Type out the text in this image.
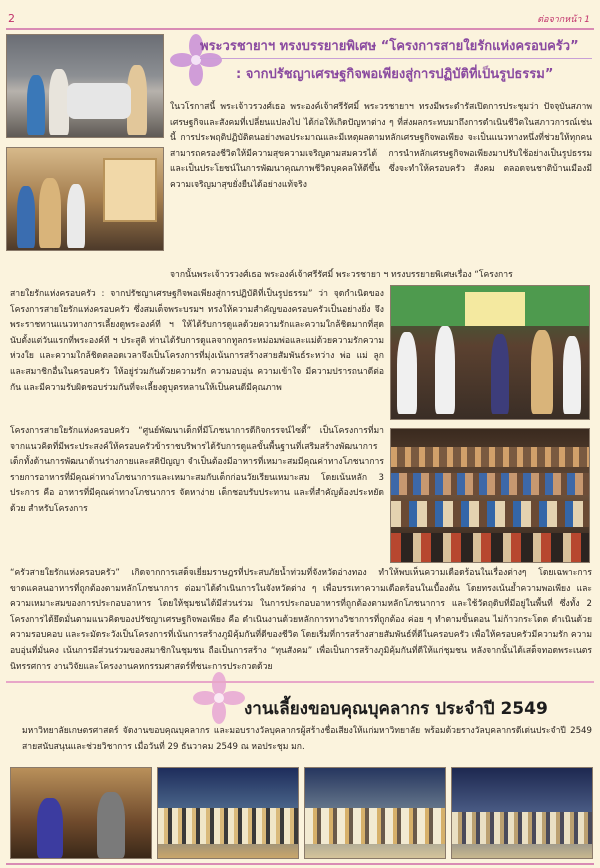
2	ต่อจากหน้า 1
พระวรชายาฯ ทรงบรรยายพิเศษ “โครงการสายใยรักแห่งครอบครัว”
: จากปรัชญาเศรษฐกิจพอเพียงสู่การปฏิบัติที่เป็นรูปธรรม”

ในวโรกาสนี้ พระเจ้าวรวงศ์เธอ พระองค์เจ้าศรีรัศมิ์ พระวรชายาฯ ทรงมีพระดำรัสเปิดการประชุมว่า ปัจจุบันสภาพเศรษฐกิจและสังคมที่เปลี่ยนแปลงไป ได้ก่อให้เกิดปัญหาต่าง ๆ ที่ส่งผลกระทบมาถึงการดำเนินชีวิตในสภาวการณ์เช่นนี้ การประพฤติปฏิบัติตนอย่างพอประมาณและมีเหตุผลตามหลักเศรษฐกิจพอเพียง จะเป็นแนวทางหนึ่งที่ช่วยให้ทุกคนสามารถครองชีวิตให้มีความสุขความเจริญตามสมควรได้ การนำหลักเศรษฐกิจพอเพียงมาปรับใช้อย่างเป็นรูปธรรมและเป็นประโยชน์ในการพัฒนาคุณภาพชีวิตบุคคลให้ดีขึ้น ซึ่งจะทำให้ครอบครัว สังคม ตลอดจนชาติบ้านเมืองมีความเจริญมาสุขยั่งยืนได้อย่างแท้จริง

จากนั้นพระเจ้าวรวงศ์เธอ พระองค์เจ้าศรีรัศมิ์ พระวรชายา ฯ ทรงบรรยายพิเศษเรื่อง “โครงการ

สายใยรักแห่งครอบครัว : จากปรัชญาเศรษฐกิจพอเพียงสู่การปฏิบัติที่เป็นรูปธรรม” ว่า จุดกำเนิดของโครงการสายใยรักแห่งครอบครัว ซึ่งสมเด็จพระบรมฯ ทรงให้ความสำคัญของครอบครัวเป็นอย่างยิ่ง จึงพระราชทานแนวทางการเลี้ยงดูพระองค์ที ฯ ให้ได้รับการดูแลด้วยความรักและความใกล้ชิดมากที่สุดนับตั้งแต่วันแรกที่พระองค์ที ฯ ประสูติ ท่านได้รับการดูแลจากทูลกระหม่อมพ่อและแม่ด้วยความรักความห่วงใย และความใกล้ชิดตลอดเวลาจึงเป็นโครงการที่มุ่งเน้นการสร้างสายสัมพันธ์ระหว่าง พ่อ แม่ ลูก และสมาชิกอื่นในครอบครัว ให้อยู่ร่วมกันด้วยความรัก ความอบอุ่น ความเข้าใจ มีความปรารถนาดีต่อกัน และมีความรับผิดชอบร่วมกันที่จะเลี้ยงดูบุตรหลานให้เป็นคนดีมีคุณภาพ

โครงการสายใยรักแห่งครอบครัว “ศูนย์พัฒนาเด็กที่มีโภชนาการดีกิจกรรจน์ไซตี้” เป็นโครงการที่มาจากแนวคิดที่มีพระประสงค์ให้ครอบครัวข้าราชบริพารได้รับการดูแลขั้นพื้นฐานที่เสริมสร้างพัฒนาการเด็กทั้งด้านการพัฒนาด้านร่างกายและสติปัญญา จำเป็นต้องมีอาหารที่เหมาะสมมีคุณค่าทางโภชนาการ รายการอาหารที่มีคุณค่าทางโภชนาการและเหมาะสมกับเด็กก่อนวัยเรียนเหมาะสม โดยเน้นหลัก 3 ประการ คือ อาหารที่มีคุณค่าทางโภชนาการ จัดหาง่าย เด็กชอบรับประทาน และที่สำคัญต้องประหยัดด้วย สำหรับโครงการ

“ครัวสายใยรักแห่งครอบครัว” เกิดจากการเสด็จเยี่ยมราษฎรที่ประสบภัยน้ำท่วมที่จังหวัดอ่างทอง ทำให้พบเห็นความเดือดร้อนในเรื่องต่างๆ โดยเฉพาะการขาดแคลนอาหารที่ถูกต้องตามหลักโภชนาการ ต่อมาได้ดำเนินการในจังหวัดต่าง ๆ เพื่อบรรเทาความเดือดร้อนในเบื้องต้น โดยทรงเน้นย้ำความพอเพียง และ ความเหมาะสมของการประกอบอาหาร โดยให้ชุมชนได้มีส่วนร่วม ในการประกอบอาหารที่ถูกต้องตามหลักโภชนาการ และใช้วัตถุดิบที่มีอยู่ในพื้นที่ ซึ่งทั้ง 2 โครงการได้ยึดมั่นตามแนวคิดของปรัชญาเศรษฐกิจพอเพียง คือ ดำเนินงานด้วยหลักการทางวิชาการที่ถูกต้อง ค่อย ๆ ทำตามขั้นตอน ไม่ก้าวกระโดด ดำเนินด้วยความรอบคอบ และระมัดระวังเป็นโครงการที่เน้นการสร้างภูมิคุ้มกันที่ดีของชีวิต โดยเริ่มที่การสร้างสายสัมพันธ์ที่ดีในครอบครัว เพื่อให้ครอบครัวมีความรัก ความอบอุ่นที่มั่นคง เน้นการมีส่วนร่วมของสมาชิกในชุมชน ถือเป็นการสร้าง “ทุนสังคม” เพื่อเป็นการสร้างภูมิคุ้มกันที่ดีให้แก่ชุมชน หลังจากนั้นได้เสด็จทอดพระเนตรนิทรรศการ งานวิจัยและโครงงานคหกรรมศาสตร์ที่ชนะการประกวดด้วย

งานเลี้ยงขอบคุณบุคลากร ประจำปี 2549

มหาวิทยาลัยเกษตรศาสตร์ จัดงานขอบคุณบุคลากร และมอบรางวัลบุคลากรผู้สร้างชื่อเสียงให้แก่มหาวิทยาลัย พร้อมด้วยรางวัลบุคลากรดีเด่นประจำปี 2549 สายสนับสนุนและช่วยวิชาการ เมื่อวันที่ 29 ธันวาคม 2549 ณ หอประชุม มก.
